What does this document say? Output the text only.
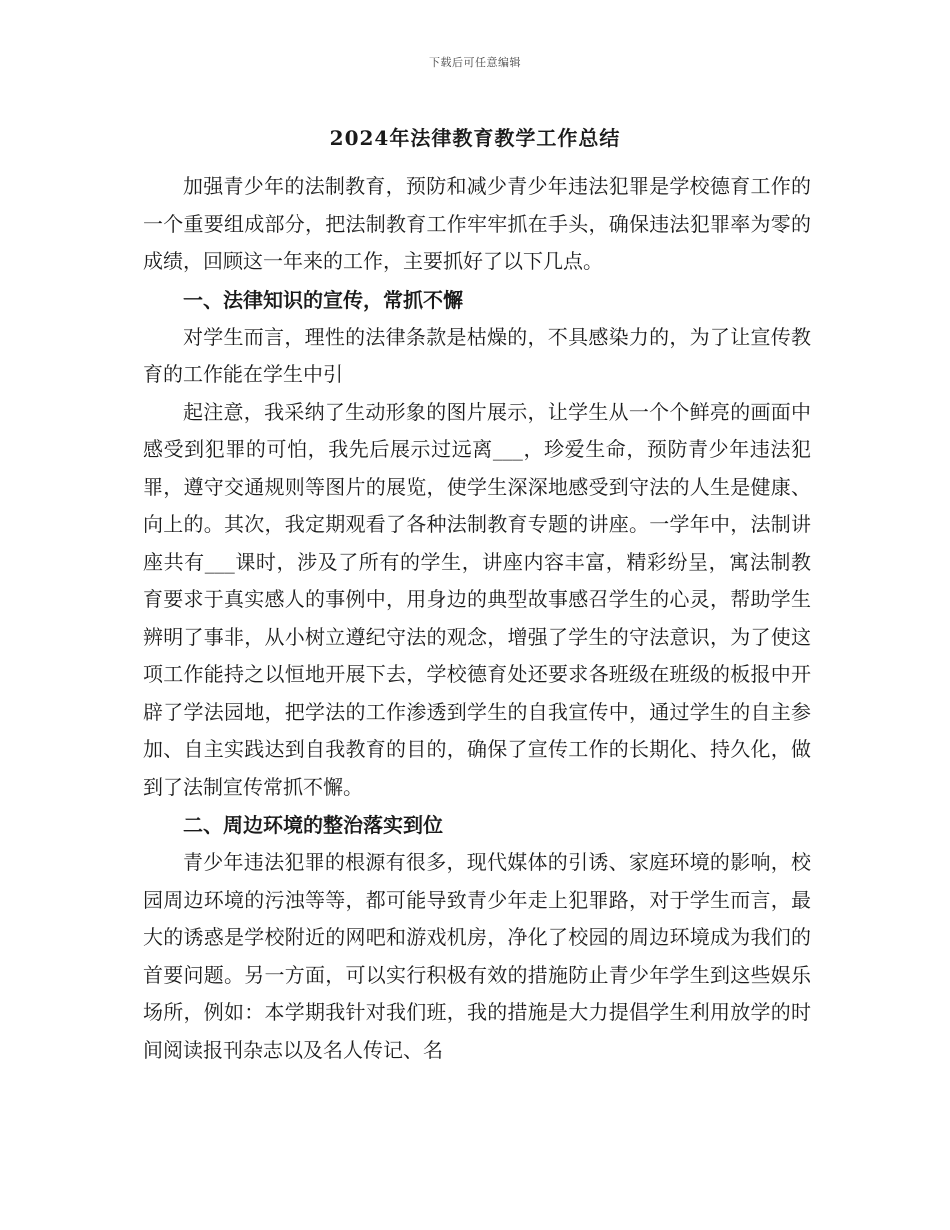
下载后可任意编辑
2024年法律教育教学工作总结

加强青少年的法制教育，预防和减少青少年违法犯罪是学校德育工作的一个重要组成部分，把法制教育工作牢牢抓在手头，确保违法犯罪率为零的成绩，回顾这一年来的工作，主要抓好了以下几点。

一、法律知识的宣传，常抓不懈

对学生而言，理性的法律条款是枯燥的，不具感染力的，为了让宣传教育的工作能在学生中引

起注意，我采纳了生动形象的图片展示，让学生从一个个鲜亮的画面中感受到犯罪的可怕，我先后展示过远离___，珍爱生命，预防青少年违法犯罪，遵守交通规则等图片的展览，使学生深深地感受到守法的人生是健康、向上的。其次，我定期观看了各种法制教育专题的讲座。一学年中，法制讲座共有___课时，涉及了所有的学生，讲座内容丰富，精彩纷呈，寓法制教育要求于真实感人的事例中，用身边的典型故事感召学生的心灵，帮助学生辨明了事非，从小树立遵纪守法的观念，增强了学生的守法意识，为了使这项工作能持之以恒地开展下去，学校德育处还要求各班级在班级的板报中开辟了学法园地，把学法的工作渗透到学生的自我宣传中，通过学生的自主参加、自主实践达到自我教育的目的，确保了宣传工作的长期化、持久化，做到了法制宣传常抓不懈。

二、周边环境的整治落实到位

青少年违法犯罪的根源有很多，现代媒体的引诱、家庭环境的影响，校园周边环境的污浊等等，都可能导致青少年走上犯罪路，对于学生而言，最大的诱惑是学校附近的网吧和游戏机房，净化了校园的周边环境成为我们的首要问题。另一方面，可以实行积极有效的措施防止青少年学生到这些娱乐场所，例如：本学期我针对我们班，我的措施是大力提倡学生利用放学的时间阅读报刊杂志以及名人传记、名
